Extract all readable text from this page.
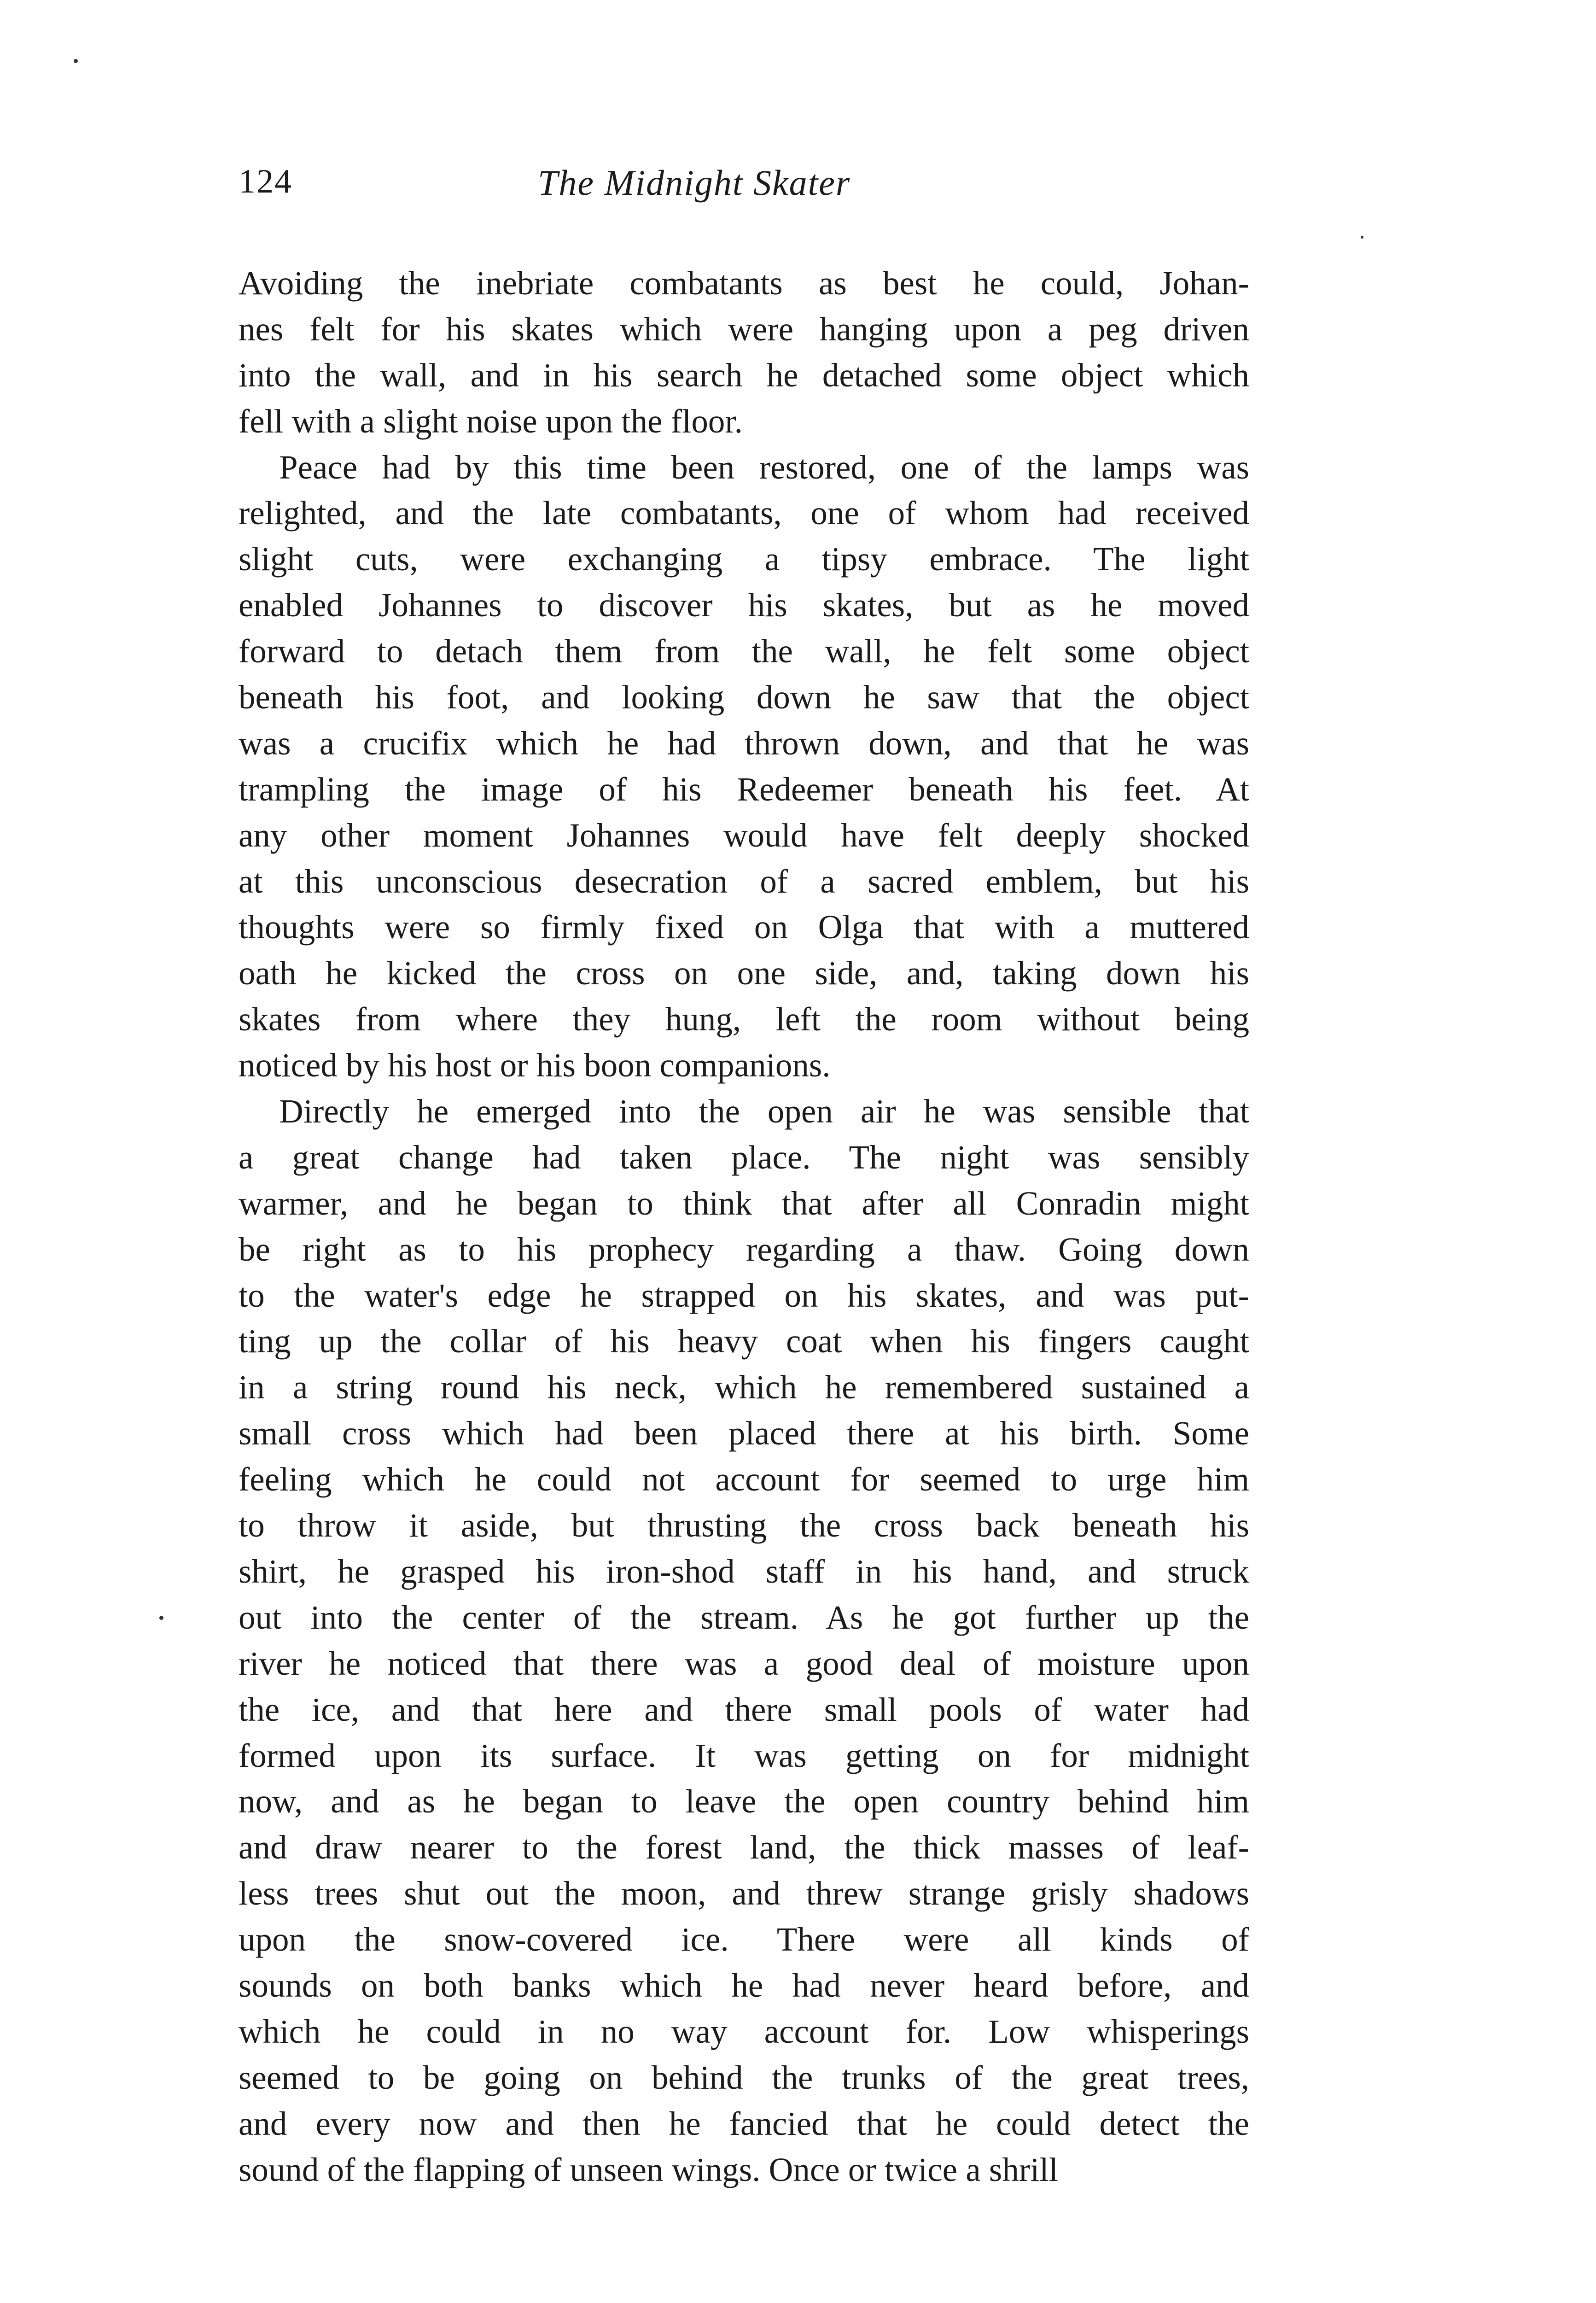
124	The Midnight Skater
Avoiding the inebriate combatants as best he could, Johan-
nes felt for his skates which were hanging upon a peg driven
into the wall, and in his search he detached some object which
fell with a slight noise upon the floor.
Peace had by this time been restored, one of the lamps was
relighted, and the late combatants, one of whom had received
slight cuts, were exchanging a tipsy embrace. The light
enabled Johannes to discover his skates, but as he moved
forward to detach them from the wall, he felt some object
beneath his foot, and looking down he saw that the object
was a crucifix which he had thrown down, and that he was
trampling the image of his Redeemer beneath his feet. At
any other moment Johannes would have felt deeply shocked
at this unconscious desecration of a sacred emblem, but his
thoughts were so firmly fixed on Olga that with a muttered
oath he kicked the cross on one side, and, taking down his
skates from where they hung, left the room without being
noticed by his host or his boon companions.
Directly he emerged into the open air he was sensible that
a great change had taken place. The night was sensibly
warmer, and he began to think that after all Conradin might
be right as to his prophecy regarding a thaw. Going down
to the water's edge he strapped on his skates, and was put-
ting up the collar of his heavy coat when his fingers caught
in a string round his neck, which he remembered sustained a
small cross which had been placed there at his birth. Some
feeling which he could not account for seemed to urge him
to throw it aside, but thrusting the cross back beneath his
shirt, he grasped his iron-shod staff in his hand, and struck
out into the center of the stream. As he got further up the
river he noticed that there was a good deal of moisture upon
the ice, and that here and there small pools of water had
formed upon its surface. It was getting on for midnight
now, and as he began to leave the open country behind him
and draw nearer to the forest land, the thick masses of leaf-
less trees shut out the moon, and threw strange grisly shadows
upon the snow-covered ice. There were all kinds of
sounds on both banks which he had never heard before, and
which he could in no way account for. Low whisperings
seemed to be going on behind the trunks of the great trees,
and every now and then he fancied that he could detect the
sound of the flapping of unseen wings. Once or twice a shrill
